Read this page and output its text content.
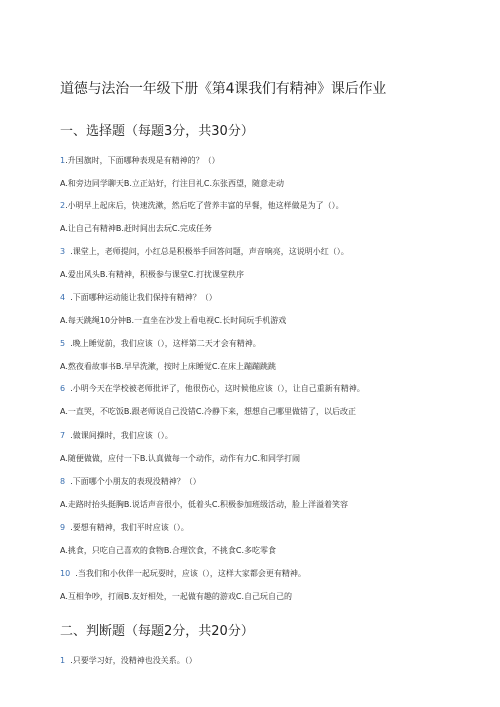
道德与法治一年级下册《第4课我们有精神》课后作业
一、选择题（每题3分，共30分）
1.升国旗时，下面哪种表现是有精神的？（）
A.和旁边同学聊天B.立正站好，行注目礼C.东张西望，随意走动
2.小明早上起床后，快速洗漱，然后吃了营养丰富的早餐，他这样做是为了（）。
A.让自己有精神B.赶时间出去玩C.完成任务
3 .课堂上，老师提问，小红总是积极举手回答问题，声音响亮，这说明小红（）。
A.爱出风头B.有精神，积极参与课堂C.打扰课堂秩序
4 .下面哪种运动能让我们保持有精神？（）
A.每天跳绳10分钟B.一直坐在沙发上看电视C.长时间玩手机游戏
5 .晚上睡觉前，我们应该（），这样第二天才会有精神。
A.熬夜看故事书B.早早洗漱，按时上床睡觉C.在床上蹦蹦跳跳
6 .小明今天在学校被老师批评了，他很伤心，这时候他应该（），让自己重新有精神。
A.一直哭，不吃饭B.跟老师说自己没错C.冷静下来，想想自己哪里做错了，以后改正
7 .做课间操时，我们应该（）。
A.随便做做，应付一下B.认真做每一个动作，动作有力C.和同学打闹
8 .下面哪个小朋友的表现没精神？（）
A.走路时抬头挺胸B.说话声音很小，低着头C.积极参加班级活动，脸上洋溢着笑容
9 .要想有精神，我们平时应该（）。
A.挑食，只吃自己喜欢的食物B.合理饮食，不挑食C.多吃零食
10 .当我们和小伙伴一起玩耍时，应该（），这样大家都会更有精神。
A.互相争吵，打闹B.友好相处，一起做有趣的游戏C.自己玩自己的
二、判断题（每题2分，共20分）
1 .只要学习好，没精神也没关系。（）
